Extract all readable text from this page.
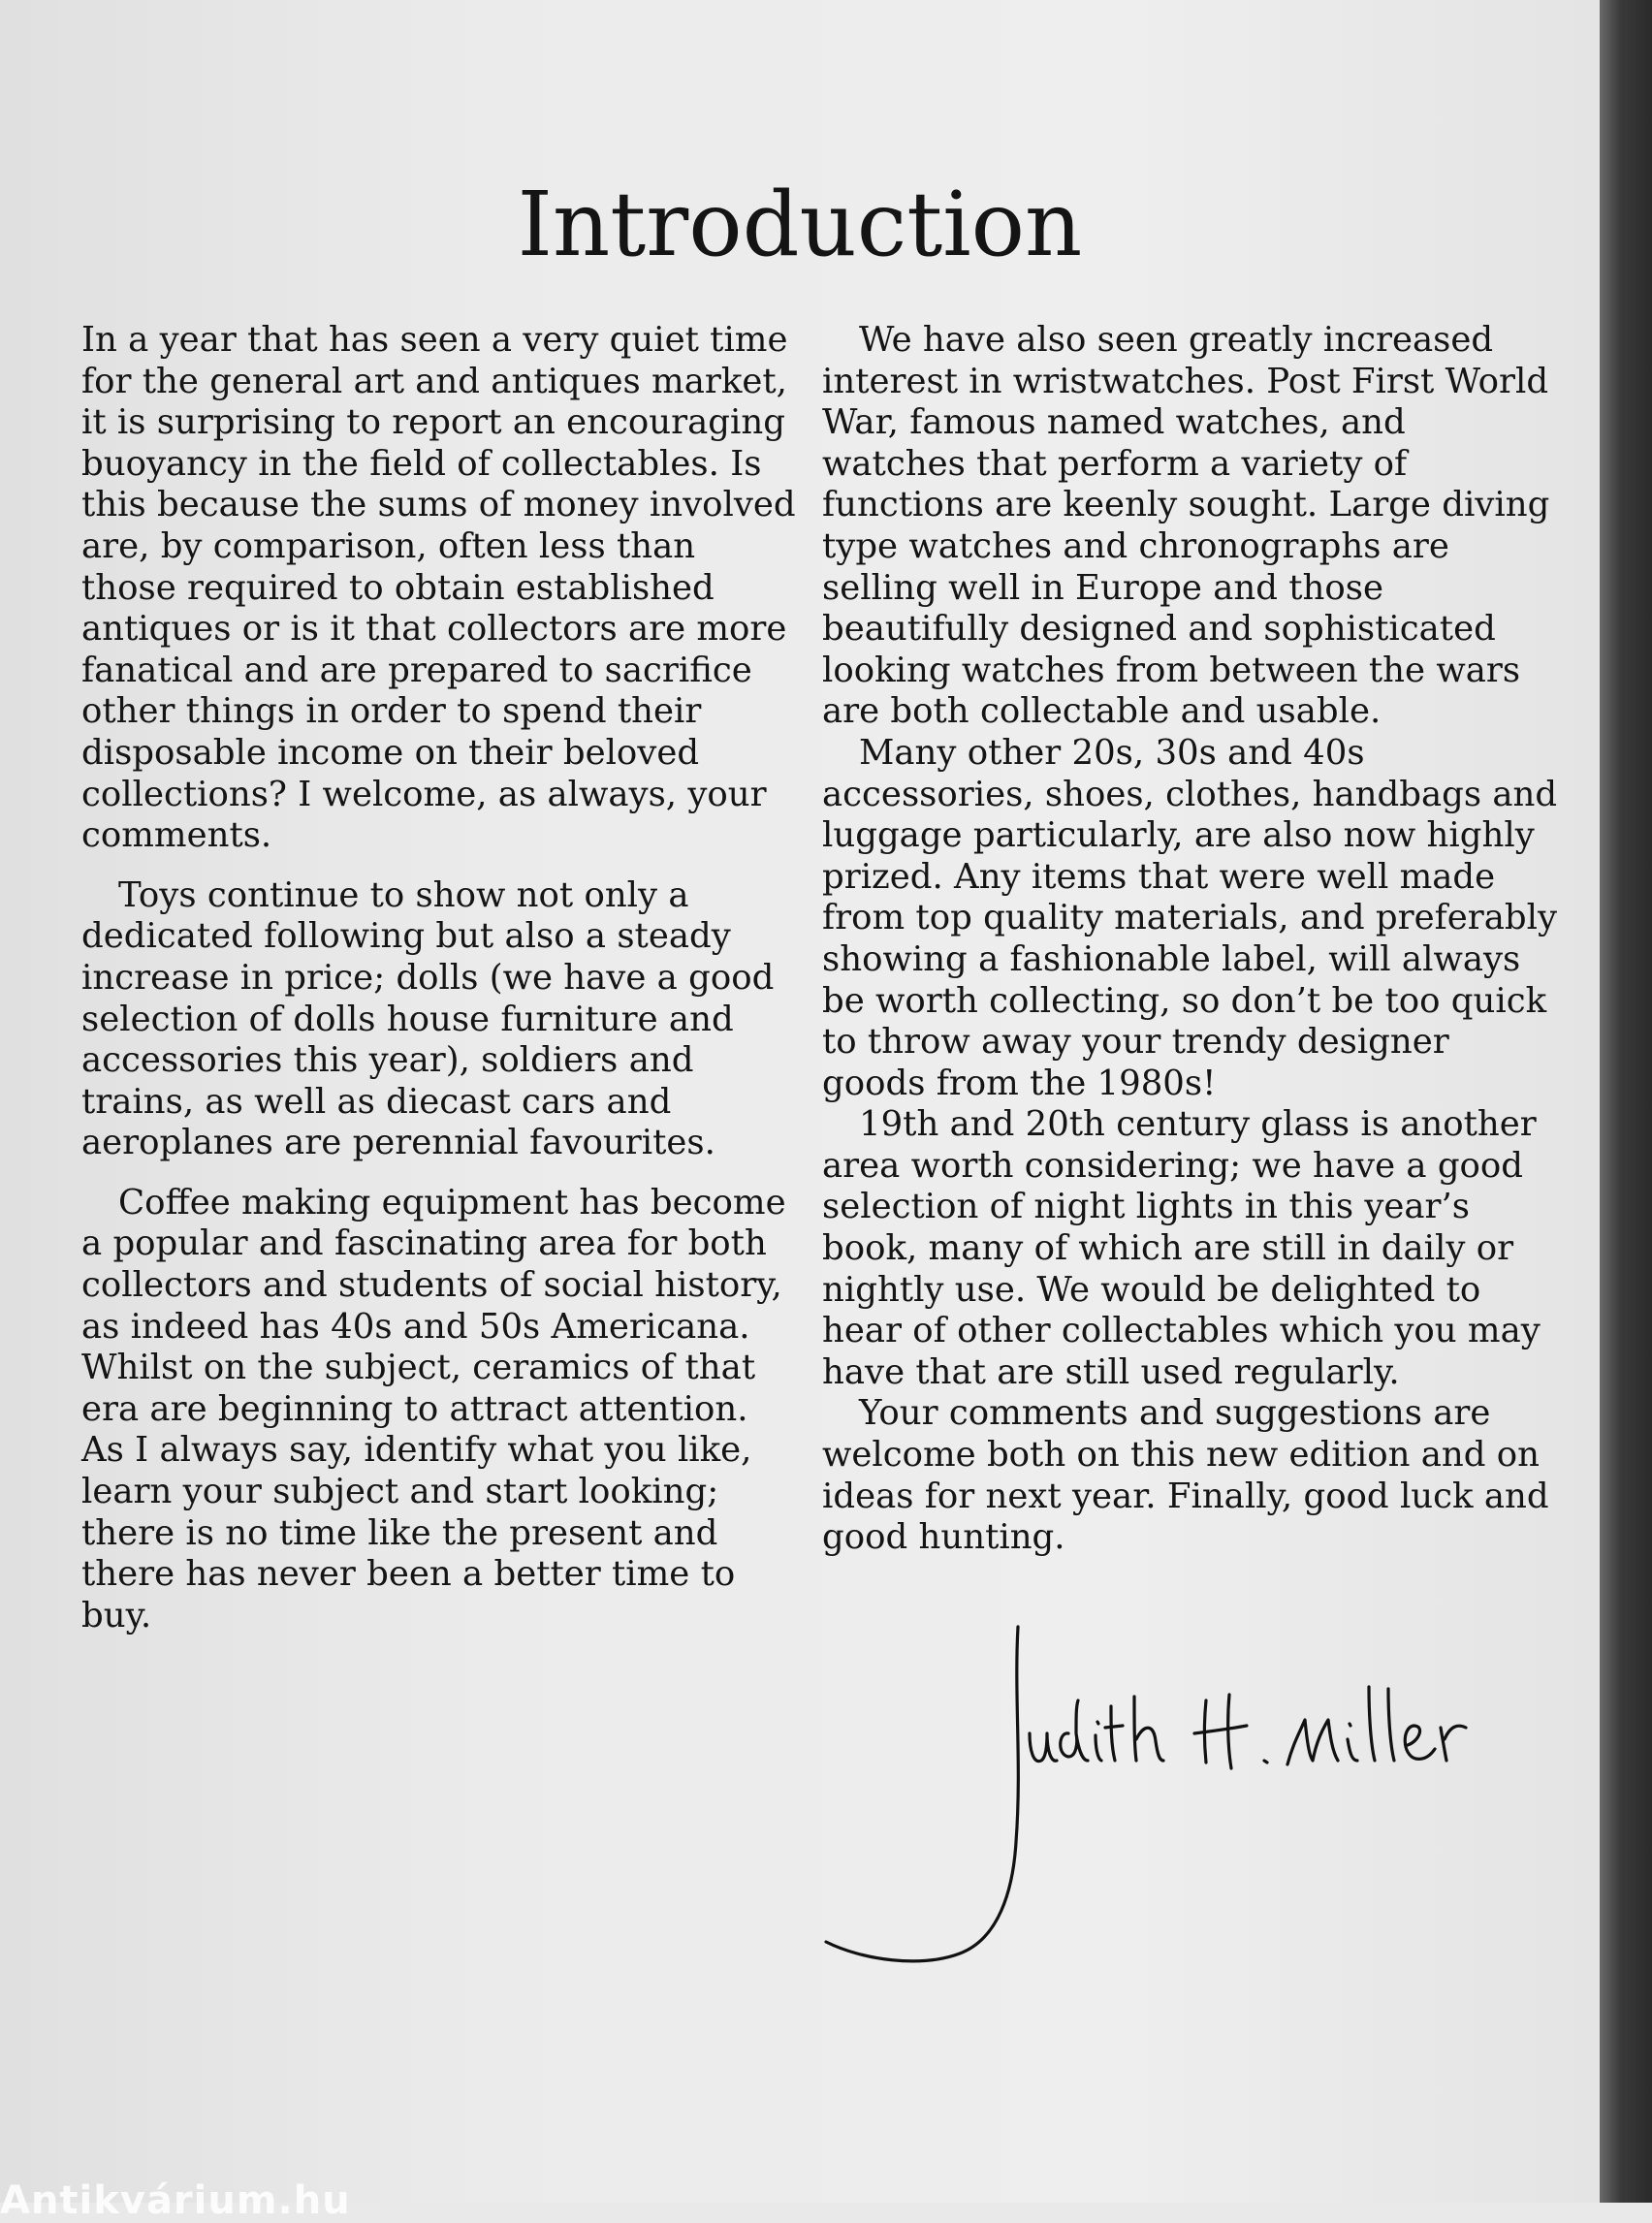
Introduction

In a year that has seen a very quiet time for the general art and antiques market, it is surprising to report an encouraging buoyancy in the field of collectables. Is this because the sums of money involved are, by comparison, often less than those required to obtain established antiques or is it that collectors are more fanatical and are prepared to sacrifice other things in order to spend their disposable income on their beloved collections? I welcome, as always, your comments.

Toys continue to show not only a dedicated following but also a steady increase in price; dolls (we have a good selection of dolls house furniture and accessories this year), soldiers and trains, as well as diecast cars and aeroplanes are perennial favourites.

Coffee making equipment has become a popular and fascinating area for both collectors and students of social history, as indeed has 40s and 50s Americana. Whilst on the subject, ceramics of that era are beginning to attract attention. As I always say, identify what you like, learn your subject and start looking; there is no time like the present and there has never been a better time to buy.

We have also seen greatly increased interest in wristwatches. Post First World War, famous named watches, and watches that perform a variety of functions are keenly sought. Large diving type watches and chronographs are selling well in Europe and those beautifully designed and sophisticated looking watches from between the wars are both collectable and usable.

Many other 20s, 30s and 40s accessories, shoes, clothes, handbags and luggage particularly, are also now highly prized. Any items that were well made from top quality materials, and preferably showing a fashionable label, will always be worth collecting, so don’t be too quick to throw away your trendy designer goods from the 1980s!

19th and 20th century glass is another area worth considering; we have a good selection of night lights in this year’s book, many of which are still in daily or nightly use. We would be delighted to hear of other collectables which you may have that are still used regularly.

Your comments and suggestions are welcome both on this new edition and on ideas for next year. Finally, good luck and good hunting.

Antikvárium.hu
